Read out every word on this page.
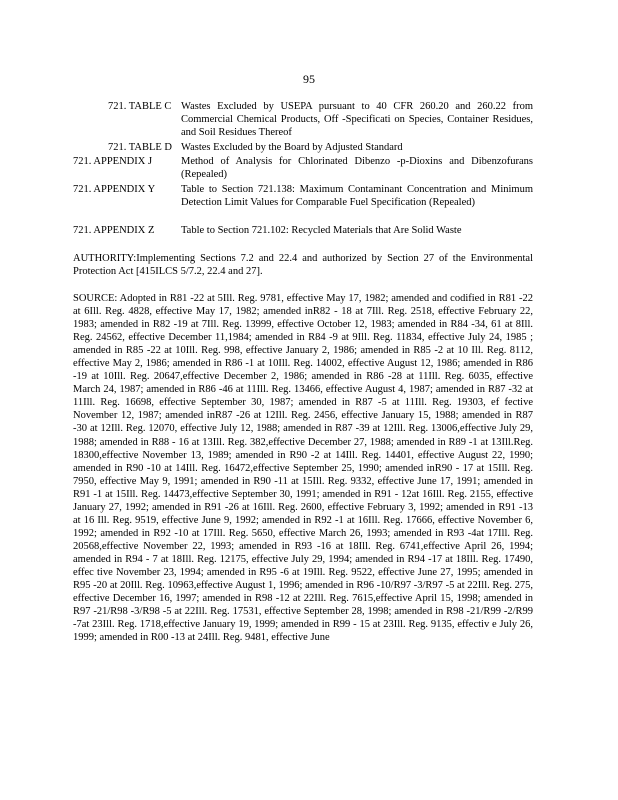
95
721. TABLE C Wastes Excluded by USEPA pursuant to 40 CFR 260.20 and 260.22 from Commercial Chemical Products, Off -Specificati on Species, Container Residues, and Soil Residues Thereof
721. TABLE D Wastes Excluded by the Board by Adjusted Standard
721. APPENDIX J	Method of Analysis for Chlorinated Dibenzo -p-Dioxins and Dibenzofurans (Repealed)
721. APPENDIX Y Table to Section 721.138: Maximum Contaminant Concentration and Minimum Detection Limit Values for Comparable Fuel Specification (Repealed)
721. APPENDIX Z	Table to Section 721.102: Recycled Materials that Are Solid Waste
AUTHORITY:Implementing Sections 7.2 and 22.4 and authorized by Section 27 of the Environmental Protection Act [415ILCS 5/7.2, 22.4 and 27].
SOURCE: Adopted in R81 -22 at 5Ill. Reg. 9781, effective May 17, 1982; amended and codified in R81 -22 at 6Ill. Reg. 4828, effective May 17, 1982; amended inR82 - 18 at 7Ill. Reg. 2518, effective February 22, 1983; amended in R82 -19 at 7Ill. Reg. 13999, effective October 12, 1983; amended in R84 -34, 61 at 8Ill. Reg. 24562, effective December 11,1984; amended in R84 -9 at 9Ill. Reg. 11834, effective July 24, 1985 ; amended in R85 -22 at 10Ill. Reg. 998, effective January 2, 1986; amended in R85 -2 at 10 Ill. Reg. 8112, effective May 2, 1986; amended in R86 -1 at 10Ill. Reg. 14002, effective August 12, 1986; amended in R86 -19 at 10Ill. Reg. 20647,effective December 2, 1986; amended in R86 -28 at 11Ill. Reg. 6035, effective March 24, 1987; amended in R86 -46 at 11Ill. Reg. 13466, effective August 4, 1987; amended in R87 -32 at 11Ill. Reg. 16698, effective September 30, 1987; amended in R87 -5 at 11Ill. Reg. 19303, ef fective November 12, 1987; amended inR87 -26 at 12Ill. Reg. 2456, effective January 15, 1988; amended in R87 -30 at 12Ill. Reg. 12070, effective July 12, 1988; amended in R87 -39 at 12Ill. Reg. 13006,effective July 29, 1988; amended in R88 - 16 at 13Ill. Reg. 382,effective December 27, 1988; amended in R89 -1 at 13Ill.Reg. 18300,effective November 13, 1989; amended in R90 -2 at 14Ill. Reg. 14401, effective August 22, 1990; amended in R90 -10 at 14Ill. Reg. 16472,effective September 25, 1990; amended inR90 - 17 at 15Ill. Reg. 7950, effective May 9, 1991; amended in R90 -11 at 15Ill. Reg. 9332, effective June 17, 1991; amended in R91 -1 at 15Ill. Reg. 14473,effective September 30, 1991; amended in R91 - 12at 16Ill. Reg. 2155, effective January 27, 1992; amended in R91 -26 at 16Ill. Reg. 2600, effective February 3, 1992; amended in R91 -13 at 16 Ill. Reg. 9519, effective June 9, 1992; amended in R92 -1 at 16Ill. Reg. 17666, effective November 6, 1992; amended in R92 -10 at 17Ill. Reg. 5650, effective March 26, 1993; amended in R93 -4at 17Ill. Reg. 20568,effective November 22, 1993; amended in R93 -16 at 18Ill. Reg. 6741,effective April 26, 1994; amended in R94 - 7 at 18Ill. Reg. 12175, effective July 29, 1994; amended in R94 -17 at 18Ill. Reg. 17490, effec tive November 23, 1994; amended in R95 -6 at 19Ill. Reg. 9522, effective June 27, 1995; amended in R95 -20 at 20Ill. Reg. 10963,effective August 1, 1996; amended in R96 -10/R97 -3/R97 -5 at 22Ill. Reg. 275, effective December 16, 1997; amended in R98 -12 at 22Ill. Reg. 7615,effective April 15, 1998; amended in R97 -21/R98 -3/R98 -5 at 22Ill. Reg. 17531, effective September 28, 1998; amended in R98 -21/R99 -2/R99 -7at 23Ill. Reg. 1718,effective January 19, 1999; amended in R99 - 15 at 23Ill. Reg. 9135, effectiv e July 26, 1999; amended in R00 -13 at 24Ill. Reg. 9481, effective June
